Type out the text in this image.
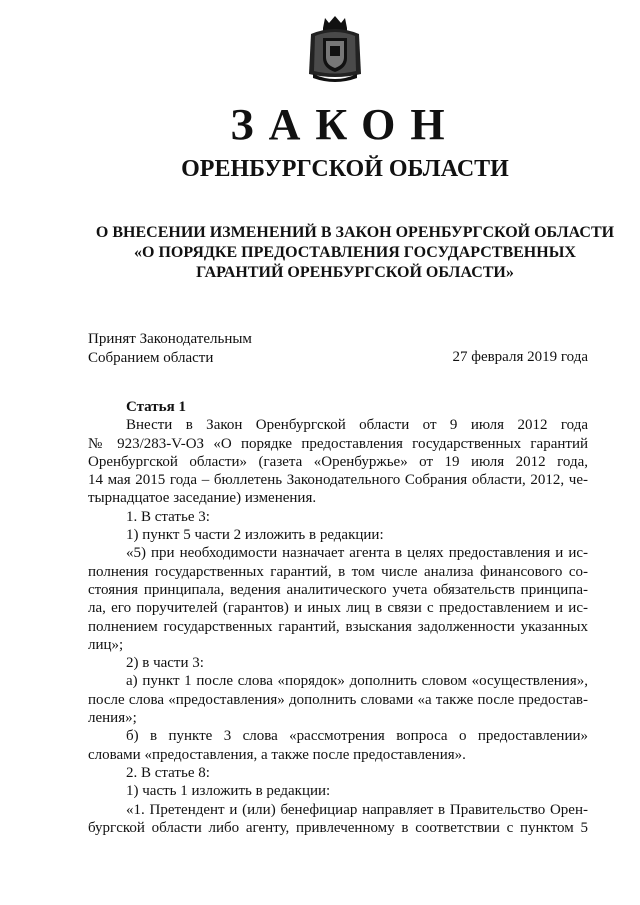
ЗАКОН
ОРЕНБУРГСКОЙ ОБЛАСТИ
О ВНЕСЕНИИ ИЗМЕНЕНИЙ В ЗАКОН ОРЕНБУРГСКОЙ ОБЛАСТИ
«О ПОРЯДКЕ ПРЕДОСТАВЛЕНИЯ ГОСУДАРСТВЕННЫХ
ГАРАНТИЙ ОРЕНБУРГСКОЙ ОБЛАСТИ»
Принят Законодательным
Собранием области	27 февраля 2019 года
Статья 1
Внести в Закон Оренбургской области от 9 июля 2012 года
№ 923/283-V-ОЗ «О порядке предоставления государственных гарантий
Оренбургской области» (газета «Оренбуржье» от 19 июля 2012 года,
14 мая 2015 года – бюллетень Законодательного Собрания области, 2012, че-
тырнадцатое заседание) изменения.
1. В статье 3:
1) пункт 5 части 2 изложить в редакции:
«5) при необходимости назначает агента в целях предоставления и ис-
полнения государственных гарантий, в том числе анализа финансового со-
стояния принципала, ведения аналитического учета обязательств принципа-
ла, его поручителей (гарантов) и иных лиц в связи с предоставлением и ис-
полнением государственных гарантий, взыскания задолженности указанных
лиц»;
2) в части 3:
а) пункт 1 после слова «порядок» дополнить словом «осуществления»,
после слова «предоставления» дополнить словами «а также после предостав-
ления»;
б) в пункте 3 слова «рассмотрения вопроса о предоставлении»
словами «предоставления, а также после предоставления».
2. В статье 8:
1) часть 1 изложить в редакции:
«1. Претендент и (или) бенефициар направляет в Правительство Орен-
бургской области либо агенту, привлеченному в соответствии с пунктом 5
